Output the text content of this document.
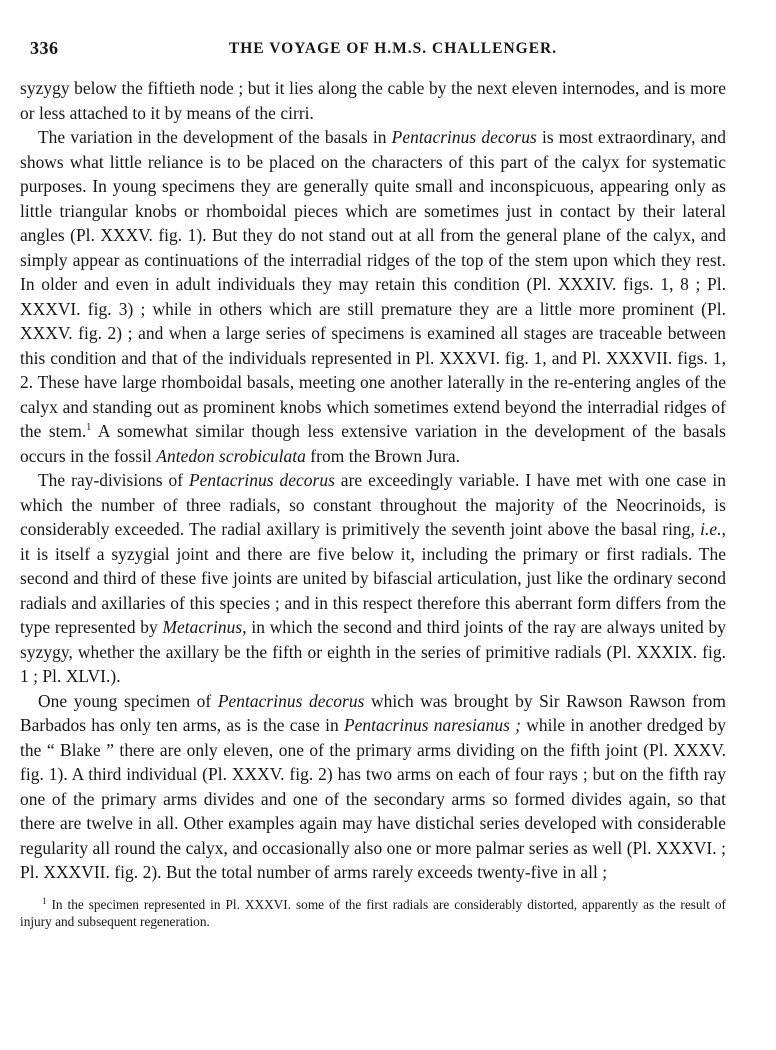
336	THE VOYAGE OF H.M.S. CHALLENGER.

syzygy below the fiftieth node ; but it lies along the cable by the next eleven internodes, and is more or less attached to it by means of the cirri.

The variation in the development of the basals in Pentacrinus decorus is most extraordinary, and shows what little reliance is to be placed on the characters of this part of the calyx for systematic purposes. In young specimens they are generally quite small and inconspicuous, appearing only as little triangular knobs or rhomboidal pieces which are sometimes just in contact by their lateral angles (Pl. XXXV. fig. 1). But they do not stand out at all from the general plane of the calyx, and simply appear as continuations of the interradial ridges of the top of the stem upon which they rest. In older and even in adult individuals they may retain this condition (Pl. XXXIV. figs. 1, 8 ; Pl. XXXVI. fig. 3) ; while in others which are still premature they are a little more prominent (Pl. XXXV. fig. 2) ; and when a large series of specimens is examined all stages are traceable between this condition and that of the individuals represented in Pl. XXXVI. fig. 1, and Pl. XXXVII. figs. 1, 2. These have large rhomboidal basals, meeting one another laterally in the re-entering angles of the calyx and standing out as prominent knobs which sometimes extend beyond the interradial ridges of the stem.$^1$ A somewhat similar though less extensive variation in the development of the basals occurs in the fossil Antedon scrobiculata from the Brown Jura.

The ray-divisions of Pentacrinus decorus are exceedingly variable. I have met with one case in which the number of three radials, so constant throughout the majority of the Neocrinoids, is considerably exceeded. The radial axillary is primitively the seventh joint above the basal ring, i.e., it is itself a syzygial joint and there are five below it, including the primary or first radials. The second and third of these five joints are united by bifascial articulation, just like the ordinary second radials and axillaries of this species ; and in this respect therefore this aberrant form differs from the type represented by Metacrinus, in which the second and third joints of the ray are always united by syzygy, whether the axillary be the fifth or eighth in the series of primitive radials (Pl. XXXIX. fig. 1 ; Pl. XLVI.).

One young specimen of Pentacrinus decorus which was brought by Sir Rawson Rawson from Barbados has only ten arms, as is the case in Pentacrinus naresianus ; while in another dredged by the “ Blake ” there are only eleven, one of the primary arms dividing on the fifth joint (Pl. XXXV. fig. 1). A third individual (Pl. XXXV. fig. 2) has two arms on each of four rays ; but on the fifth ray one of the primary arms divides and one of the secondary arms so formed divides again, so that there are twelve in all. Other examples again may have distichal series developed with considerable regularity all round the calyx, and occasionally also one or more palmar series as well (Pl. XXXVI. ; Pl. XXXVII. fig. 2). But the total number of arms rarely exceeds twenty-five in all ;

$^1$ In the specimen represented in Pl. XXXVI. some of the first radials are considerably distorted, apparently as the result of injury and subsequent regeneration.
